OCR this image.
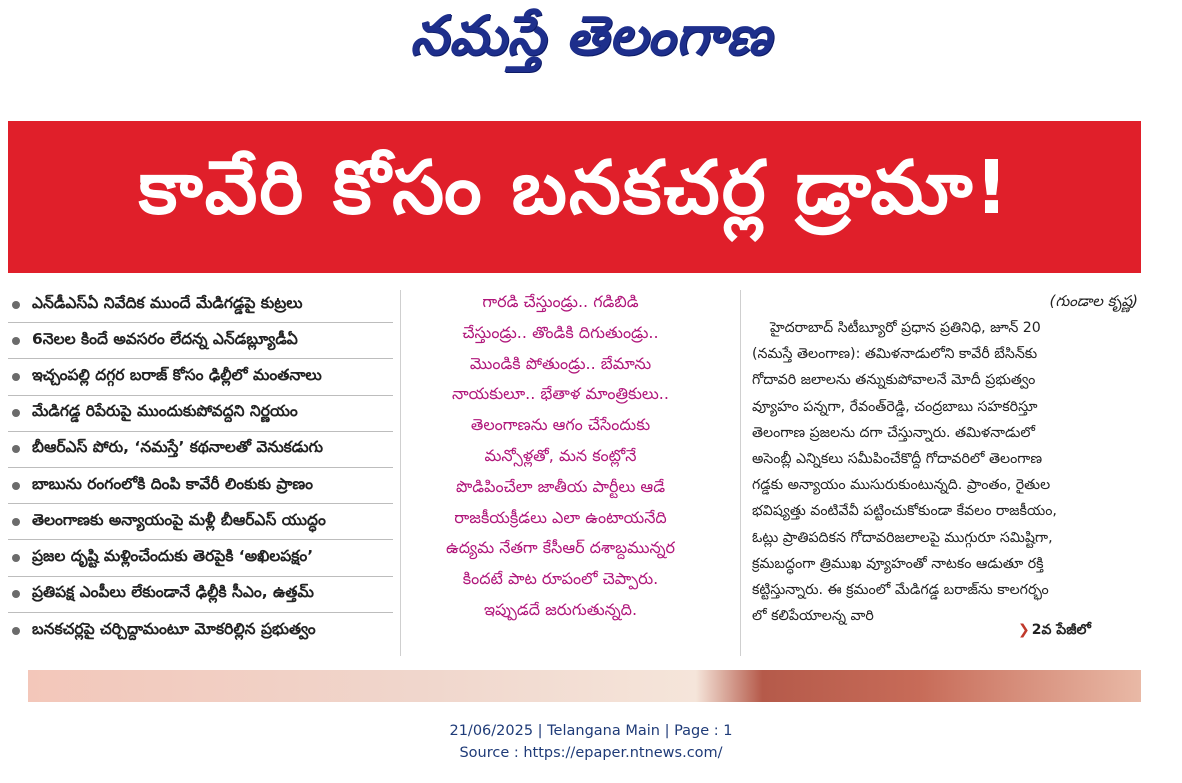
నమస్తే తెలంగాణ
కావేరి కోసం బనకచర్ల డ్రామా!
ఎన్‌డీఎస్‌ఏ నివేదిక ముందే మేడిగడ్డపై కుట్రలు
6నెలల కిందే అవసరం లేదన్న ఎన్‌డబ్ల్యూడీఏ
ఇచ్చంపల్లి దగ్గర బరాజ్ కోసం ఢిల్లీలో మంతనాలు
మేడిగడ్డ రిపేరుపై ముందుకుపోవద్దని నిర్ణయం
బీఆర్‌ఎస్ పోరు, ‘నమస్తే’ కథనాలతో వెనుకడుగు
బాబును రంగంలోకి దింపి కావేరీ లింకుకు ప్రాణం
తెలంగాణకు అన్యాయంపై మళ్లీ బీఆర్‌ఎస్ యుద్ధం
ప్రజల దృష్టి మళ్లించేందుకు తెరపైకి ‘అఖిలపక్షం’
ప్రతిపక్ష ఎంపీలు లేకుండానే ఢిల్లీకి సీఎం, ఉత్తమ్
బనకచర్లపై చర్చిద్దామంటూ మోకరిల్లిన ప్రభుత్వం
గారడి చేస్తుండ్రు.. గడిబిడి
చేస్తుండ్రు.. తొండికి దిగుతుండ్రు..
మొండికి పోతుండ్రు.. బేమాను
నాయకులూ.. భేతాళ మాంత్రికులు..
తెలంగాణను ఆగం చేసేందుకు
మన్సోళ్లతో, మన కంట్లోనే
పొడిపించేలా జాతీయ పార్టీలు ఆడే
రాజకీయక్రీడలు ఎలా ఉంటాయనేది
ఉద్యమ నేతగా కేసీఆర్ దశాబ్దమున్నర
కిందటే పాట రూపంలో చెప్పారు.
ఇప్పుడదే జరుగుతున్నది.
(గుండాల కృష్ణ)
హైదరాబాద్ సిటీబ్యూరో ప్రధాన ప్రతినిధి, జూన్ 20
(నమస్తే తెలంగాణ): తమిళనాడులోని కావేరీ బేసిన్‌కు
గోదావరి జలాలను తన్నుకుపోవాలనే మోదీ ప్రభుత్వం
వ్యూహం పన్నగా, రేవంత్‌రెడ్డి, చంద్రబాబు సహకరిస్తూ
తెలంగాణ ప్రజలను దగా చేస్తున్నారు. తమిళనాడులో
అసెంబ్లీ ఎన్నికలు సమీపించేకొద్దీ గోదావరిలో తెలంగాణ
గడ్డకు అన్యాయం ముసురుకుంటున్నది. ప్రాంతం, రైతుల
భవిష్యత్తు వంటివేవీ పట్టించుకోకుండా కేవలం రాజకీయం,
ఓట్లు ప్రాతిపదికన గోదావరిజలాలపై ముగ్గురూ సమిష్టిగా,
క్రమబద్ధంగా త్రిముఖ వ్యూహంతో నాటకం ఆడుతూ రక్తి
కట్టిస్తున్నారు. ఈ క్రమంలో మేడిగడ్డ బరాజ్‌ను కాలగర్భం
లో కలిపేయాలన్న వారి
❯ 2వ పేజీలో
21/06/2025 | Telangana Main | Page : 1
Source : https://epaper.ntnews.com/
